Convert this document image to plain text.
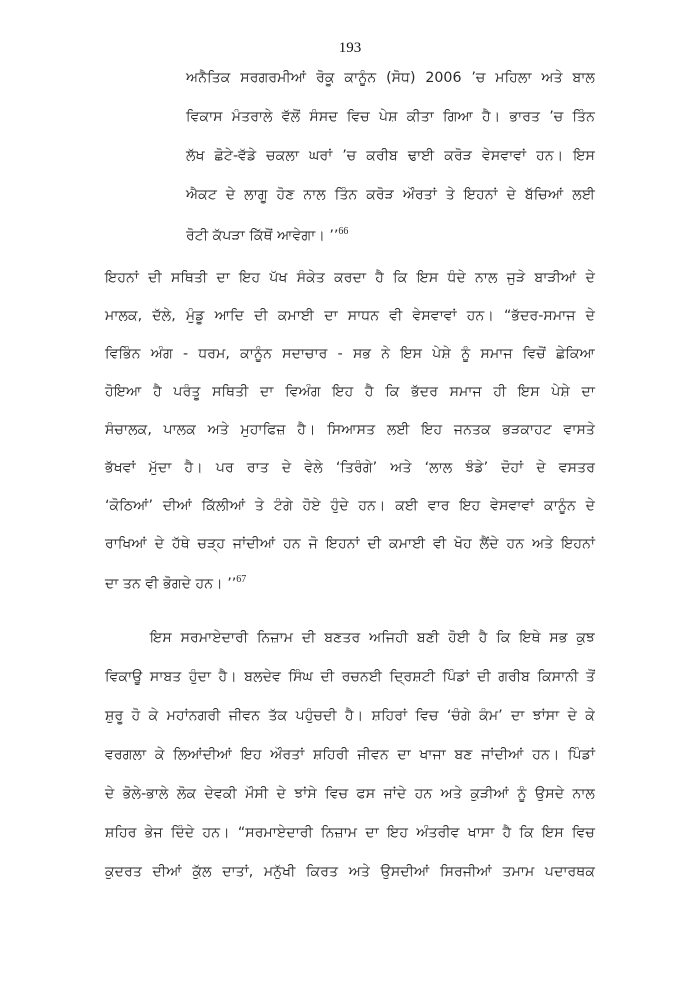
193
ਅਨੈਤਿਕ ਸਰਗਰਮੀਆਂ ਰੋਕੂ ਕਾਨੂੰਨ (ਸੋਧ) 2006 ’ਚ ਮਹਿਲਾ ਅਤੇ ਬਾਲ
ਵਿਕਾਸ ਮੰਤਰਾਲੇ ਵੱਲੋਂ ਸੰਸਦ ਵਿਚ ਪੇਸ਼ ਕੀਤਾ ਗਿਆ ਹੈ। ਭਾਰਤ ’ਚ ਤਿੰਨ
ਲੱਖ ਛੋਟੇ-ਵੱਡੇ ਚਕਲਾ ਘਰਾਂ ’ਚ ਕਰੀਬ ਢਾਈ ਕਰੋੜ ਵੇਸਵਾਵਾਂ ਹਨ। ਇਸ
ਐਕਟ ਦੇ ਲਾਗੂ ਹੋਣ ਨਾਲ ਤਿੰਨ ਕਰੋੜ ਔਰਤਾਂ ਤੇ ਇਹਨਾਂ ਦੇ ਬੱਚਿਆਂ ਲਈ
ਰੋਟੀ ਕੱਪੜਾ ਕਿੱਥੋਂ ਆਵੇਗਾ। ’’$^{66}$
ਇਹਨਾਂ ਦੀ ਸਥਿਤੀ ਦਾ ਇਹ ਪੱਖ ਸੰਕੇਤ ਕਰਦਾ ਹੈ ਕਿ ਇਸ ਧੰਦੇ ਨਾਲ ਜੁੜੇ ਬਾੜੀਆਂ ਦੇ
ਮਾਲਕ, ਦੱਲੇ, ਮੁੰਡੂ ਆਦਿ ਦੀ ਕਮਾਈ ਦਾ ਸਾਧਨ ਵੀ ਵੇਸਵਾਵਾਂ ਹਨ। “ਭੱਦਰ-ਸਮਾਜ ਦੇ
ਵਿਭਿੰਨ ਅੰਗ - ਧਰਮ, ਕਾਨੂੰਨ ਸਦਾਚਾਰ - ਸਭ ਨੇ ਇਸ ਪੇਸ਼ੇ ਨੂੰ ਸਮਾਜ ਵਿਚੋਂ ਛੇਕਿਆ
ਹੋਇਆ ਹੈ ਪਰੰਤੂ ਸਥਿਤੀ ਦਾ ਵਿਅੰਗ ਇਹ ਹੈ ਕਿ ਭੱਦਰ ਸਮਾਜ ਹੀ ਇਸ ਪੇਸ਼ੇ ਦਾ
ਸੰਚਾਲਕ, ਪਾਲਕ ਅਤੇ ਮੁਹਾਫਿਜ਼ ਹੈ। ਸਿਆਸਤ ਲਈ ਇਹ ਜਨਤਕ ਭੜਕਾਹਟ ਵਾਸਤੇ
ਭੱਖਵਾਂ ਮੁੱਦਾ ਹੈ। ਪਰ ਰਾਤ ਦੇ ਵੇਲੇ ‘ਤਿਰੰਗੇ’ ਅਤੇ ‘ਲਾਲ ਝੰਡੇ’ ਦੋਹਾਂ ਦੇ ਵਸਤਰ
‘ਕੋਠਿਆਂ’ ਦੀਆਂ ਕਿੱਲੀਆਂ ਤੇ ਟੰਗੇ ਹੋਏ ਹੁੰਦੇ ਹਨ। ਕਈ ਵਾਰ ਇਹ ਵੇਸਵਾਵਾਂ ਕਾਨੂੰਨ ਦੇ
ਰਾਖਿਆਂ ਦੇ ਹੱਥੇ ਚੜ੍ਹ ਜਾਂਦੀਆਂ ਹਨ ਜੋ ਇਹਨਾਂ ਦੀ ਕਮਾਈ ਵੀ ਖੋਹ ਲੈਂਦੇ ਹਨ ਅਤੇ ਇਹਨਾਂ
ਦਾ ਤਨ ਵੀ ਭੋਗਦੇ ਹਨ। ’’$^{67}$
ਇਸ ਸਰਮਾਏਦਾਰੀ ਨਿਜ਼ਾਮ ਦੀ ਬਣਤਰ ਅਜਿਹੀ ਬਣੀ ਹੋਈ ਹੈ ਕਿ ਇਥੇ ਸਭ ਕੁਝ
ਵਿਕਾਊ ਸਾਬਤ ਹੁੰਦਾ ਹੈ। ਬਲਦੇਵ ਸਿੰਘ ਦੀ ਰਚਨਈ ਦ੍ਰਿਸ਼ਟੀ ਪਿੰਡਾਂ ਦੀ ਗਰੀਬ ਕਿਸਾਨੀ ਤੋਂ
ਸ਼ੁਰੂ ਹੋ ਕੇ ਮਹਾਂਨਗਰੀ ਜੀਵਨ ਤੱਕ ਪਹੁੰਚਦੀ ਹੈ। ਸ਼ਹਿਰਾਂ ਵਿਚ ‘ਚੰਗੇ ਕੰਮ’ ਦਾ ਝਾਂਸਾ ਦੇ ਕੇ
ਵਰਗਲਾ ਕੇ ਲਿਆਂਦੀਆਂ ਇਹ ਔਰਤਾਂ ਸ਼ਹਿਰੀ ਜੀਵਨ ਦਾ ਖਾਜਾ ਬਣ ਜਾਂਦੀਆਂ ਹਨ। ਪਿੰਡਾਂ
ਦੇ ਭੋਲੇ-ਭਾਲੇ ਲੋਕ ਦੇਵਕੀ ਮੌਸੀ ਦੇ ਝਾਂਸੇ ਵਿਚ ਫਸ ਜਾਂਦੇ ਹਨ ਅਤੇ ਕੁੜੀਆਂ ਨੂੰ ਉਸਦੇ ਨਾਲ
ਸ਼ਹਿਰ ਭੇਜ ਦਿੰਦੇ ਹਨ। “ਸਰਮਾਏਦਾਰੀ ਨਿਜ਼ਾਮ ਦਾ ਇਹ ਅੰਤਰੀਵ ਖਾਸਾ ਹੈ ਕਿ ਇਸ ਵਿਚ
ਕੁਦਰਤ ਦੀਆਂ ਕੁੱਲ ਦਾਤਾਂ, ਮਨੁੱਖੀ ਕਿਰਤ ਅਤੇ ਉਸਦੀਆਂ ਸਿਰਜੀਆਂ ਤਮਾਮ ਪਦਾਰਥਕ
